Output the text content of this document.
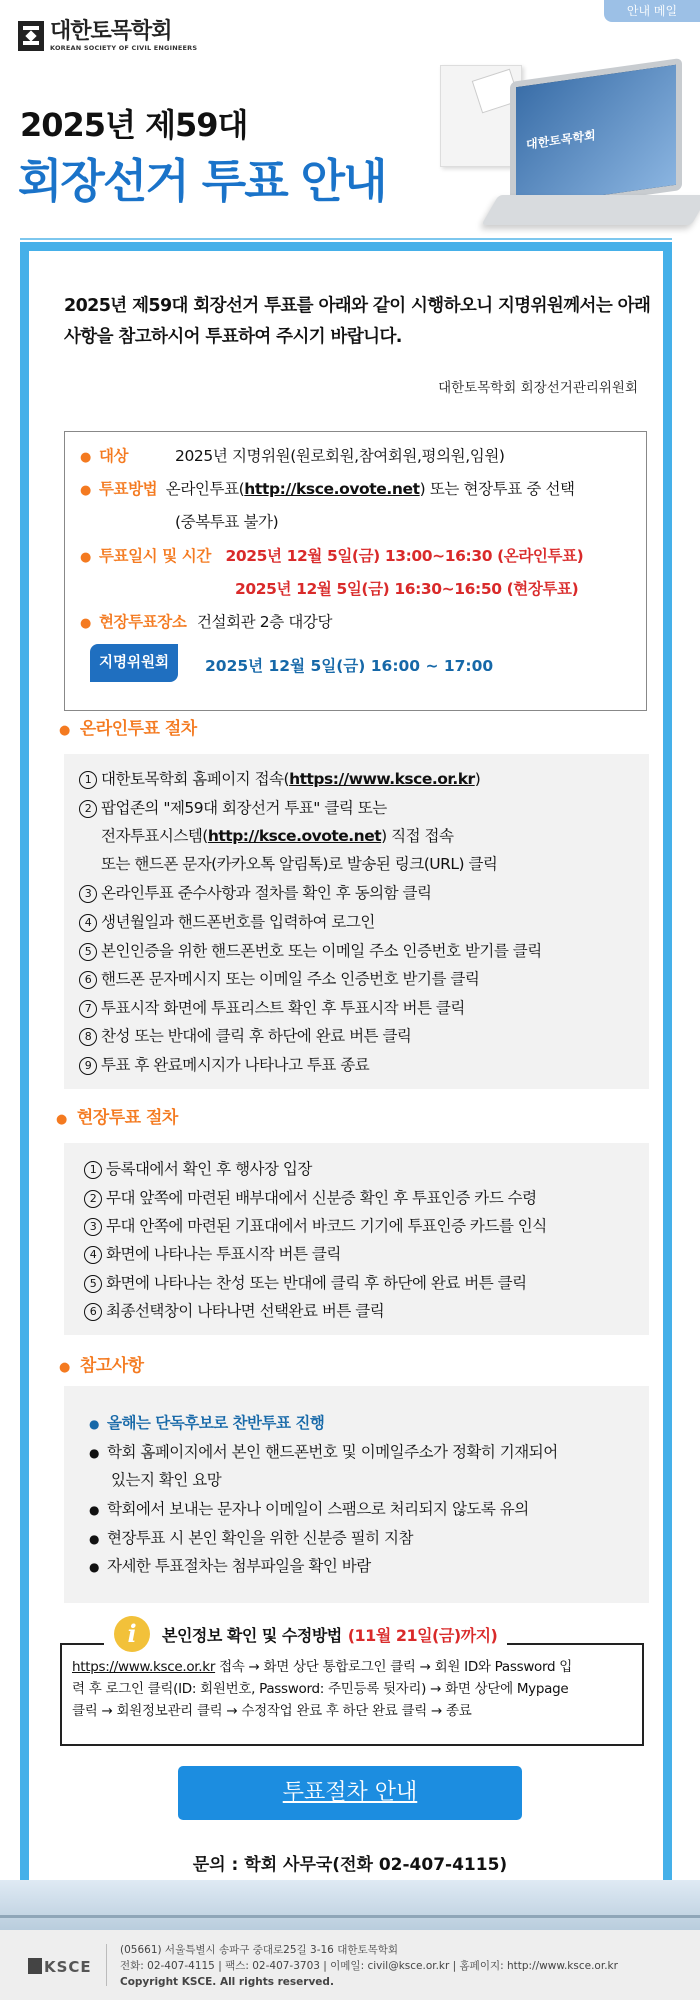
안내 메일
대한토목학회
KOREAN SOCIETY OF CIVIL ENGINEERS
2025년 제59대
회장선거 투표 안내
대한토목학회
2025년 제59대 회장선거 투표를 아래와 같이 시행하오니 지명위원께서는 아래 사항을 참고하시어 투표하여 주시기 바랍니다.
대한토목학회 회장선거관리위원회
● 대상	2025년 지명위원(원로회원,참여회원,평의원,임원)
● 투표방법 온라인투표(http://ksce.ovote.net) 또는 현장투표 중 선택
(중복투표 불가)
● 투표일시 및 시간 2025년 12월 5일(금) 13:00~16:30 (온라인투표)
2025년 12월 5일(금) 16:30~16:50 (현장투표)
● 현장투표장소 건설회관 2층 대강당
지명위원회	2025년 12월 5일(금) 16:00 ~ 17:00
● 온라인투표 절차
1 대한토목학회 홈페이지 접속(https://www.ksce.or.kr)
2 팝업존의 "제59대 회장선거 투표" 클릭 또는
전자투표시스템(http://ksce.ovote.net) 직접 접속
또는 핸드폰 문자(카카오톡 알림톡)로 발송된 링크(URL) 클릭
3 온라인투표 준수사항과 절차를 확인 후 동의함 클릭
4 생년월일과 핸드폰번호를 입력하여 로그인
5 본인인증을 위한 핸드폰번호 또는 이메일 주소 인증번호 받기를 클릭
6 핸드폰 문자메시지 또는 이메일 주소 인증번호 받기를 클릭
7 투표시작 화면에 투표리스트 확인 후 투표시작 버튼 클릭
8 찬성 또는 반대에 클릭 후 하단에 완료 버튼 클릭
9 투표 후 완료메시지가 나타나고 투표 종료
● 현장투표 절차
1 등록대에서 확인 후 행사장 입장
2 무대 앞쪽에 마련된 배부대에서 신분증 확인 후 투표인증 카드 수령
3 무대 안쪽에 마련된 기표대에서 바코드 기기에 투표인증 카드를 인식
4 화면에 나타나는 투표시작 버튼 클릭
5 화면에 나타나는 찬성 또는 반대에 클릭 후 하단에 완료 버튼 클릭
6 최종선택창이 나타나면 선택완료 버튼 클릭
● 참고사항
● 올해는 단독후보로 찬반투표 진행
● 학회 홈페이지에서 본인 핸드폰번호 및 이메일주소가 정확히 기재되어
있는지 확인 요망
● 학회에서 보내는 문자나 이메일이 스팸으로 처리되지 않도록 유의
● 현장투표 시 본인 확인을 위한 신분증 필히 지참
● 자세한 투표절차는 첨부파일을 확인 바람
i	본인정보 확인 및 수정방법 (11월 21일(금)까지)
https://www.ksce.or.kr 접속 → 화면 상단 통합로그인 클릭 → 회원 ID와 Password 입
력 후 로그인 클릭(ID: 회원번호, Password: 주민등록 뒷자리) → 화면 상단에 Mypage
클릭 → 회원정보관리 클릭 → 수정작업 완료 후 하단 완료 클릭 → 종료
투표절차 안내
문의 : 학회 사무국(전화 02-407-4115)
KSCE
(05661) 서울특별시 송파구 중대로25길 3-16 대한토목학회
전화: 02-407-4115 | 팩스: 02-407-3703 | 이메일: civil@ksce.or.kr | 홈페이지: http://www.ksce.or.kr
Copyright KSCE. All rights reserved.
